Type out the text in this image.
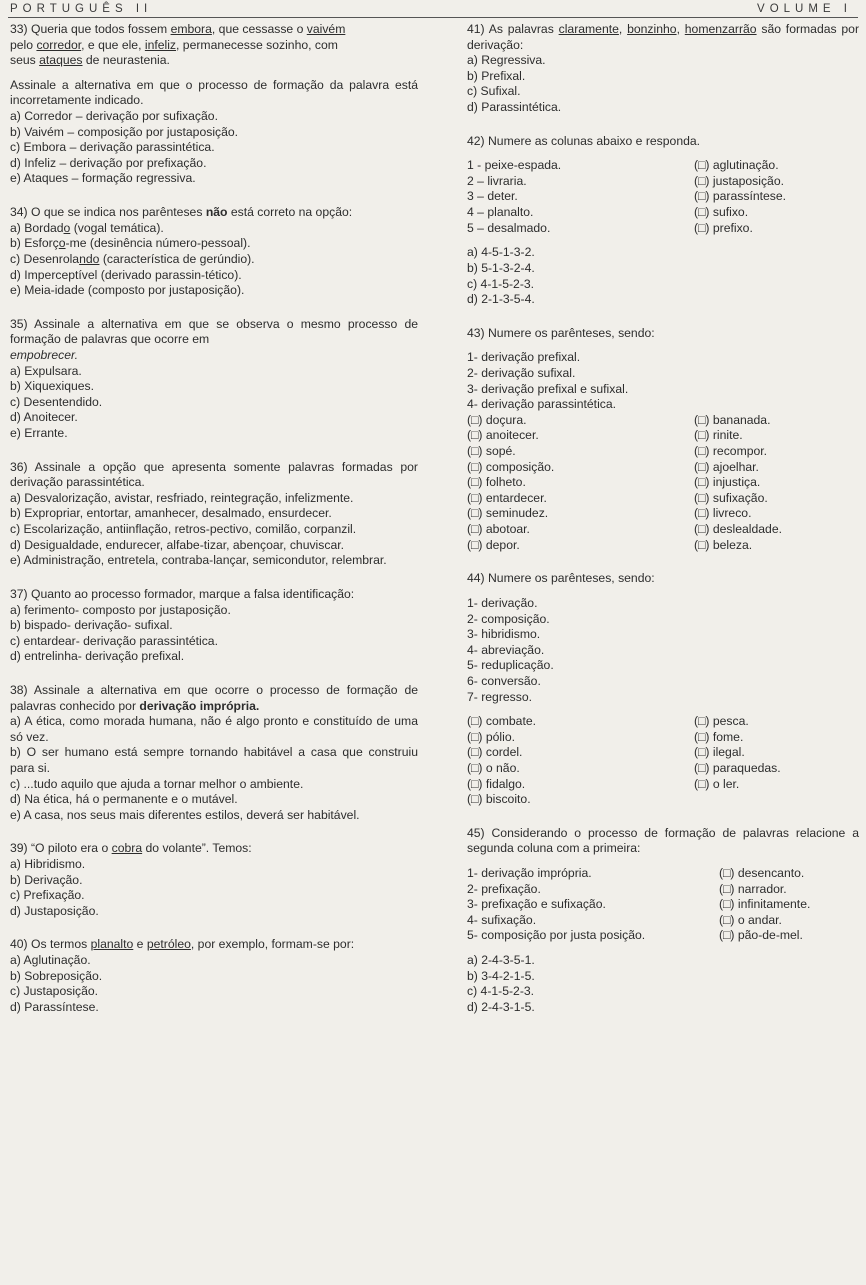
PORTUGUÊS II	VOLUME I

33) Queria que todos fossem embora, que cessasse o vaivém
pelo corredor, e que ele, infeliz, permanecesse sozinho, com
seus ataques de neurastenia.

Assinale a alternativa em que o processo de formação da palavra está incorretamente indicado.

a) Corredor – derivação por sufixação.

b) Vaivém – composição por justaposição.

c) Embora – derivação parassintética.

d) Infeliz – derivação por prefixação.

e) Ataques – formação regressiva.

34) O que se indica nos parênteses não está correto na opção:

a) Bordado (vogal temática).

b) Esforço-me (desinência número-pessoal).

c) Desenrolando (característica de gerúndio).

d) Imperceptível (derivado parassin-tético).

e) Meia-idade (composto por justaposição).

35) Assinale a alternativa em que se observa o mesmo processo de formação de palavras que ocorre em

empobrecer.

a) Expulsara.

b) Xiquexiques.

c) Desentendido.

d) Anoitecer.

e) Errante.

36) Assinale a opção que apresenta somente palavras formadas por derivação parassintética.

a) Desvalorização, avistar, resfriado, reintegração, infelizmente.

b) Expropriar, entortar, amanhecer, desalmado, ensurdecer.

c) Escolarização, antiinflação, retros-pectivo, comilão, corpanzil.

d) Desigualdade, endurecer, alfabe-tizar, abençoar, chuviscar.

e) Administração, entretela, contraba-lançar, semicondutor, relembrar.

37) Quanto ao processo formador, marque a falsa identificação:

a) ferimento- composto por justaposição.

b) bispado- derivação- sufixal.

c) entardear- derivação parassintética.

d) entrelinha- derivação prefixal.

38) Assinale a alternativa em que ocorre o processo de formação de palavras conhecido por derivação imprópria.

a) A ética, como morada humana, não é algo pronto e constituído de uma só vez.

b) O ser humano está sempre tornando habitável a casa que construiu para si.

c) ...tudo aquilo que ajuda a tornar melhor o ambiente.

d) Na ética, há o permanente e o mutável.

e) A casa, nos seus mais diferentes estilos, deverá ser habitável.

39) “O piloto era o cobra do volante”. Temos:

a) Hibridismo.

b) Derivação.

c) Prefixação.

d) Justaposição.

40) Os termos planalto e petróleo, por exemplo, formam-se por:

a) Aglutinação.

b) Sobreposição.

c) Justaposição.

d) Parassíntese.

41) As palavras claramente, bonzinho, homenzarrão são formadas por derivação:

a) Regressiva.

b) Prefixal.

c) Sufixal.

d) Parassintética.

42) Numere as colunas abaixo e responda.

1 - peixe-espada.	(□) aglutinação.
2 – livraria.	(□) justaposição.
3 – deter.	(□) parassíntese.
4 – planalto.	(□) sufixo.
5 – desalmado.	(□) prefixo.

a) 4-5-1-3-2.

b) 5-1-3-2-4.

c) 4-1-5-2-3.

d) 2-1-3-5-4.

43) Numere os parênteses, sendo:

1- derivação prefixal.

2- derivação sufixal.

3- derivação prefixal e sufixal.

4- derivação parassintética.

(□) doçura.	(□) bananada.
(□) anoitecer.	(□) rinite.
(□) sopé.	(□) recompor.
(□) composição.	(□) ajoelhar.
(□) folheto.	(□) injustiça.
(□) entardecer.	(□) sufixação.
(□) seminudez.	(□) livreco.
(□) abotoar.	(□) deslealdade.
(□) depor.	(□) beleza.

44) Numere os parênteses, sendo:

1- derivação.

2- composição.

3- hibridismo.

4- abreviação.

5- reduplicação.

6- conversão.

7- regresso.

(□) combate.	(□) pesca.
(□) pólio.	(□) fome.
(□) cordel.	(□) ilegal.
(□) o não.	(□) paraquedas.
(□) fidalgo.	(□) o ler.
(□) biscoito.

45) Considerando o processo de formação de palavras relacione a segunda coluna com a primeira:

1- derivação imprópria.	(□) desencanto.
2- prefixação.	(□) narrador.
3- prefixação e sufixação.	(□) infinitamente.
4- sufixação.	(□) o andar.
5- composição por justa posição.	(□) pão-de-mel.

a) 2-4-3-5-1.

b) 3-4-2-1-5.

c) 4-1-5-2-3.

d) 2-4-3-1-5.
